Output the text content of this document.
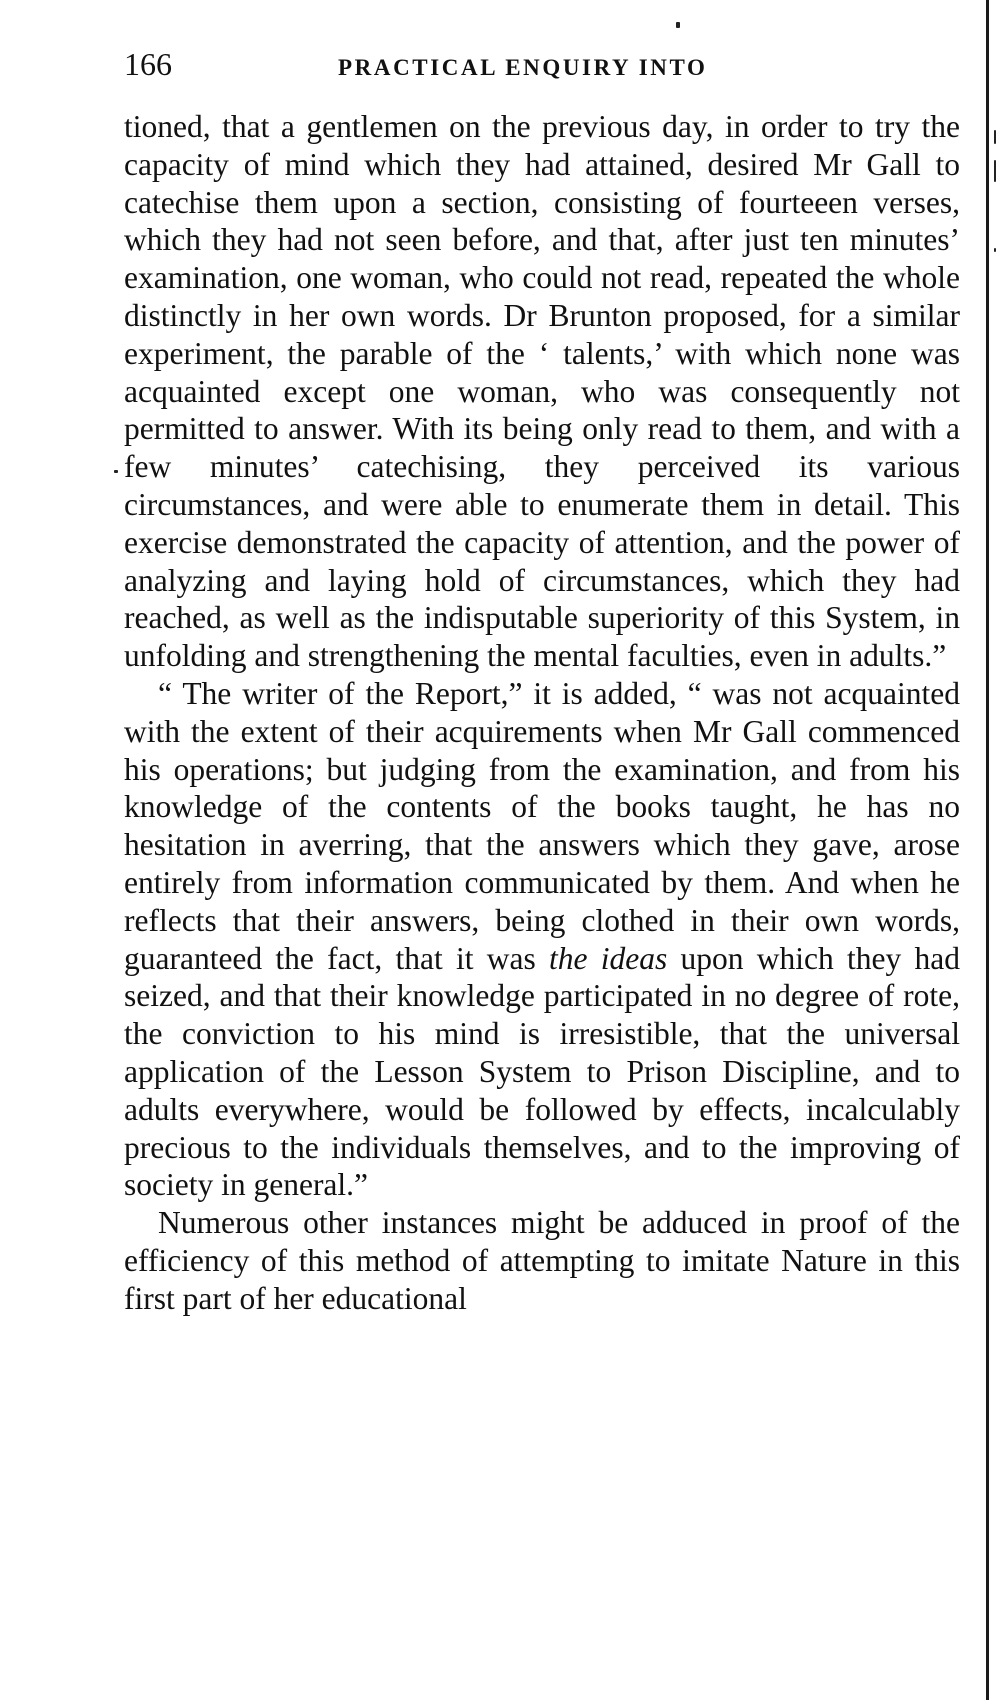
166	PRACTICAL ENQUIRY INTO

tioned, that a gentlemen on the previous day, in order to try the capacity of mind which they had attained, desired Mr Gall to catechise them upon a section, consisting of fourteeen verses, which they had not seen before, and that, after just ten minutes’ examination, one woman, who could not read, repeated the whole distinctly in her own words. Dr Brunton proposed, for a similar experiment, the parable of the ‘ talents,’ with which none was acquainted except one woman, who was consequently not permitted to answer. With its being only read to them, and with a few minutes’ catechising, they perceived its various circumstances, and were able to enumerate them in detail. This exercise demonstrated the capacity of attention, and the power of analyzing and laying hold of circumstances, which they had reached, as well as the indisputable superiority of this System, in unfolding and strengthening the mental faculties, even in adults.”

“ The writer of the Report,” it is added, “ was not acquainted with the extent of their acquirements when Mr Gall commenced his operations; but judging from the examination, and from his knowledge of the contents of the books taught, he has no hesitation in averring, that the answers which they gave, arose entirely from information communicated by them. And when he reflects that their answers, being clothed in their own words, guaranteed the fact, that it was the ideas upon which they had seized, and that their knowledge participated in no degree of rote, the conviction to his mind is irresistible, that the universal application of the Lesson System to Prison Discipline, and to adults everywhere, would be followed by effects, incalculably precious to the individuals themselves, and to the improving of society in general.”

Numerous other instances might be adduced in proof of the efficiency of this method of attempting to imitate Nature in this first part of her educational
